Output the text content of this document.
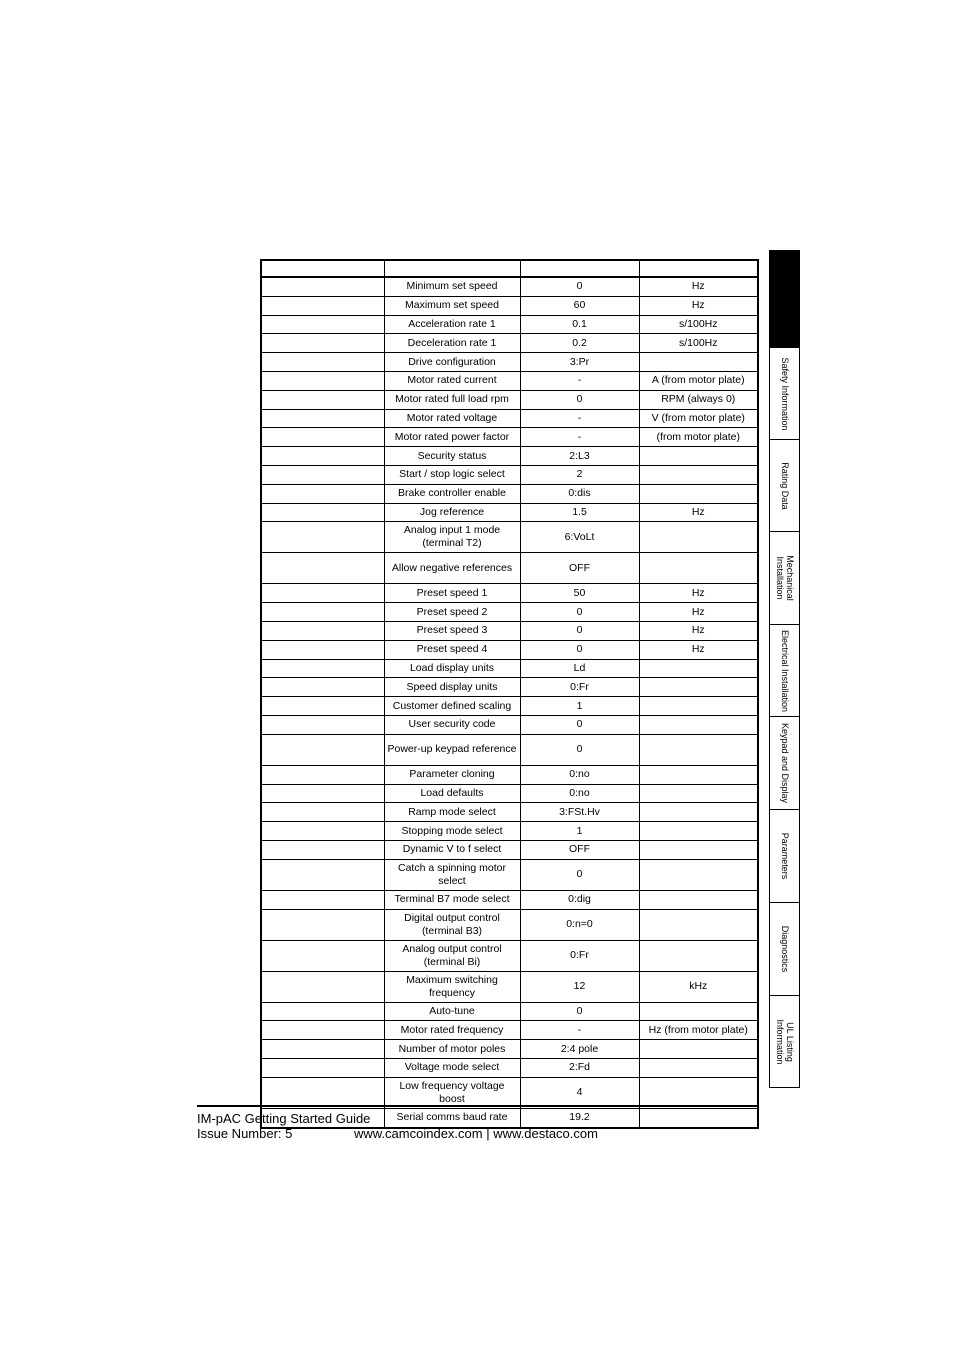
	Minimum set speed	0	Hz
	Maximum set speed	60	Hz
	Acceleration rate 1	0.1	s/100Hz
	Deceleration rate 1	0.2	s/100Hz
	Drive configuration	3:Pr	
	Motor rated current	-	A (from motor plate)
	Motor rated full load rpm	0	RPM (always 0)
	Motor rated voltage	-	V (from motor plate)
	Motor rated power factor	-	(from motor plate)
	Security status	2:L3	
	Start / stop logic select	2	
	Brake controller enable	0:dis	
	Jog reference	1.5	Hz
	Analog input 1 mode (terminal T2)	6:VoLt	
	Allow negative references	OFF	
	Preset speed 1	50	Hz
	Preset speed 2	0	Hz
	Preset speed 3	0	Hz
	Preset speed 4	0	Hz
	Load display units	Ld	
	Speed display units	0:Fr	
	Customer defined scaling	1	
	User security code	0	
	Power-up keypad reference	0	
	Parameter cloning	0:no	
	Load defaults	0:no	
	Ramp mode select	3:FSt.Hv	
	Stopping mode select	1	
	Dynamic V to f select	OFF	
	Catch a spinning motor select	0	
	Terminal B7 mode select	0:dig	
	Digital output control (terminal B3)	0:n=0	
	Analog output control (terminal Bi)	0:Fr	
	Maximum switching frequency	12	kHz
	Auto-tune	0	
	Motor rated frequency	-	Hz (from motor plate)
	Number of motor poles	2:4 pole	
	Voltage mode select	2:Fd	
	Low frequency voltage boost	4	
	Serial comms baud rate	19.2	
Safety Information
Rating Data
Mechanical
Installation
Electrical Installation
Keypad and Display
Parameters
Diagnostics
UL Listing
Information
IM-pAC Getting Started Guide
Issue Number: 5	www.camcoindex.com | www.destaco.com
